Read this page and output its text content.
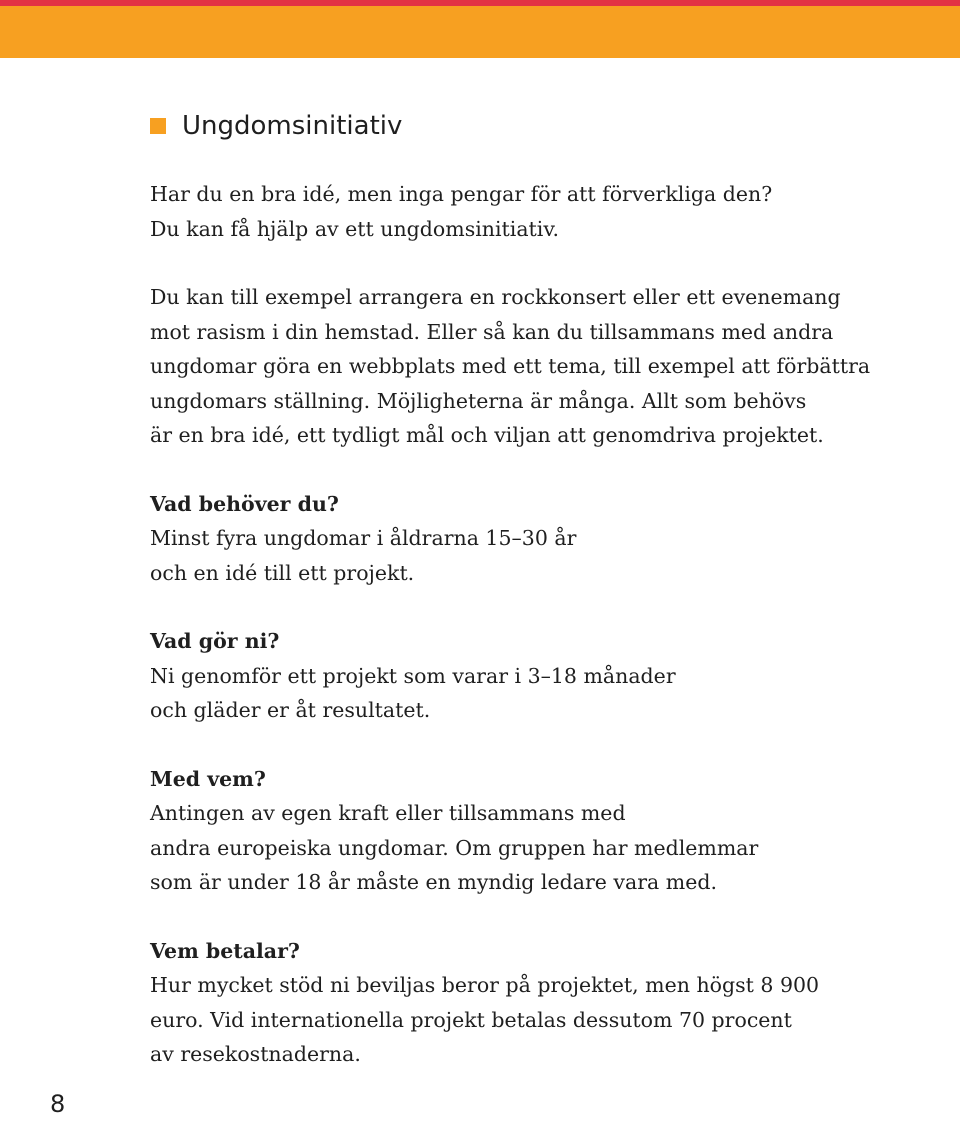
Ungdomsinitiativ

Har du en bra idé, men inga pengar för att förverkliga den?

Du kan få hjälp av ett ungdomsinitiativ.

Du kan till exempel arrangera en rockkonsert eller ett evenemang

mot rasism i din hemstad. Eller så kan du tillsammans med andra

ungdomar göra en webbplats med ett tema, till exempel att förbättra

ungdomars ställning. Möjligheterna är många. Allt som behövs

är en bra idé, ett tydligt mål och viljan att genomdriva projektet.

Vad behöver du?

Minst fyra ungdomar i åldrarna 15–30 år

och en idé till ett projekt.

Vad gör ni?

Ni genomför ett projekt som varar i 3–18 månader

och gläder er åt resultatet.

Med vem?

Antingen av egen kraft eller tillsammans med

andra europeiska ungdomar. Om gruppen har medlemmar

som är under 18 år måste en myndig ledare vara med.

Vem betalar?

Hur mycket stöd ni beviljas beror på projektet, men högst 8 900

euro. Vid internationella projekt betalas dessutom 70 procent

av resekostnaderna.

8
